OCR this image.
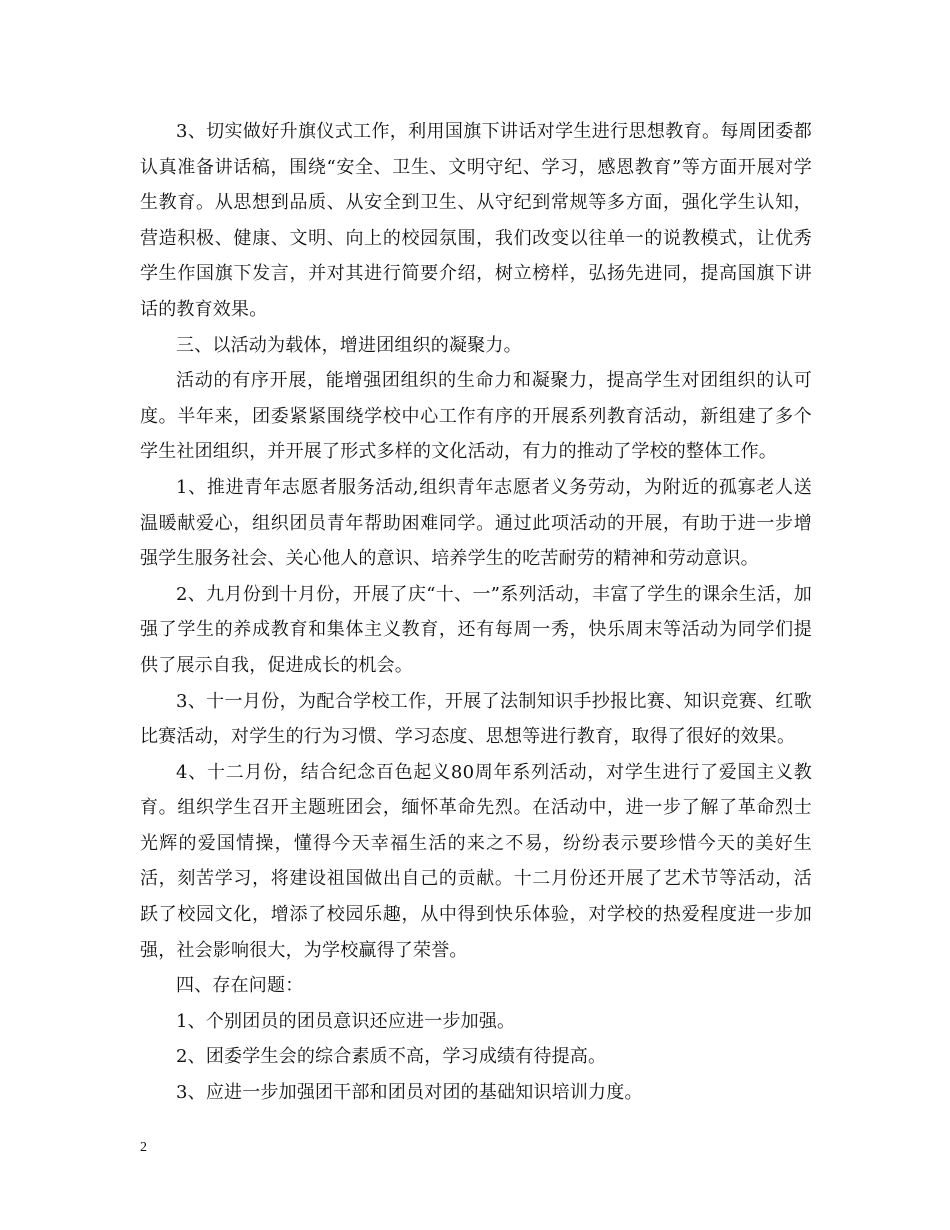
3、切实做好升旗仪式工作，利用国旗下讲话对学生进行思想教育。每周团委都认真准备讲话稿，围绕“安全、卫生、文明守纪、学习，感恩教育”等方面开展对学生教育。从思想到品质、从安全到卫生、从守纪到常规等多方面，强化学生认知，营造积极、健康、文明、向上的校园氛围，我们改变以往单一的说教模式，让优秀学生作国旗下发言，并对其进行简要介绍，树立榜样，弘扬先进同，提高国旗下讲话的教育效果。

三、以活动为载体，增进团组织的凝聚力。

活动的有序开展，能增强团组织的生命力和凝聚力，提高学生对团组织的认可度。半年来，团委紧紧围绕学校中心工作有序的开展系列教育活动，新组建了多个学生社团组织，并开展了形式多样的文化活动，有力的推动了学校的整体工作。

1、推进青年志愿者服务活动,组织青年志愿者义务劳动，为附近的孤寡老人送温暖献爱心，组织团员青年帮助困难同学。通过此项活动的开展，有助于进一步增强学生服务社会、关心他人的意识、培养学生的吃苦耐劳的精神和劳动意识。

2、九月份到十月份，开展了庆“十、一”系列活动，丰富了学生的课余生活，加强了学生的养成教育和集体主义教育，还有每周一秀，快乐周末等活动为同学们提供了展示自我，促进成长的机会。

3、十一月份，为配合学校工作，开展了法制知识手抄报比赛、知识竞赛、红歌比赛活动，对学生的行为习惯、学习态度、思想等进行教育，取得了很好的效果。

4、十二月份，结合纪念百色起义80周年系列活动，对学生进行了爱国主义教育。组织学生召开主题班团会，缅怀革命先烈。在活动中，进一步了解了革命烈士光辉的爱国情操，懂得今天幸福生活的来之不易，纷纷表示要珍惜今天的美好生活，刻苦学习，将建设祖国做出自己的贡献。十二月份还开展了艺术节等活动，活跃了校园文化，增添了校园乐趣，从中得到快乐体验，对学校的热爱程度进一步加强，社会影响很大，为学校赢得了荣誉。

四、存在问题：

1、个别团员的团员意识还应进一步加强。

2、团委学生会的综合素质不高，学习成绩有待提高。

3、应进一步加强团干部和团员对团的基础知识培训力度。

2
